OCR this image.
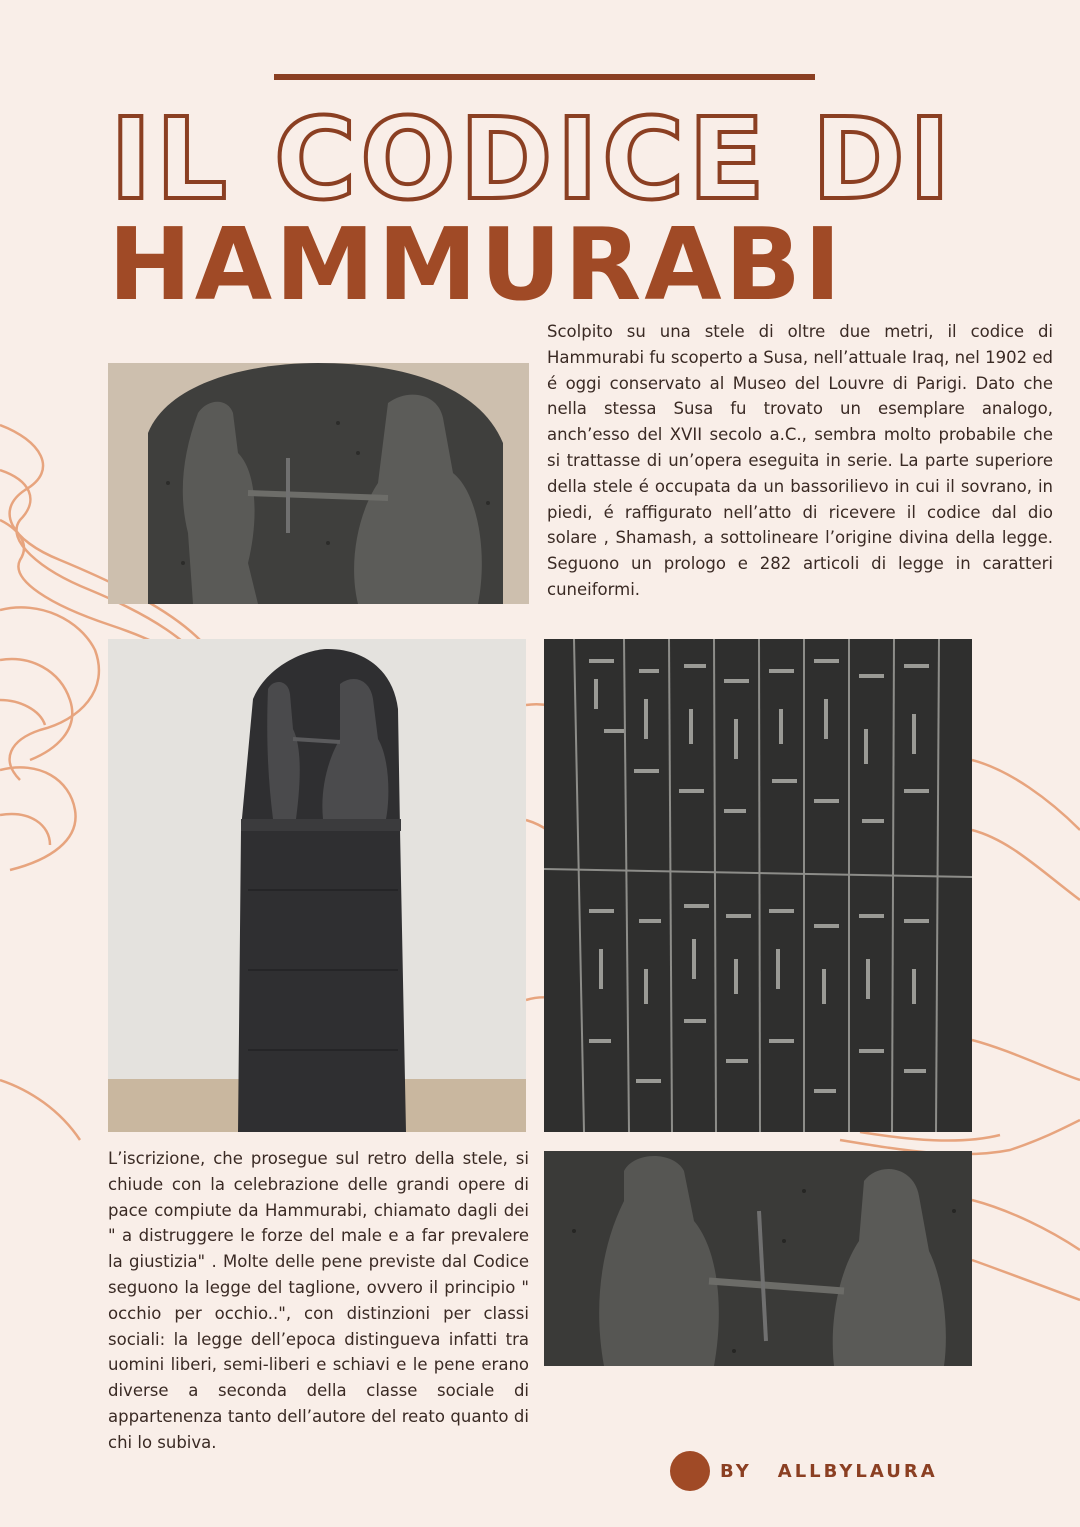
IL CODICE DI
HAMMURABI

Scolpito su una stele di oltre due metri, il codice di Hammurabi fu scoperto a Susa, nell’attuale Iraq, nel 1902 ed é oggi conservato al Museo del Louvre di Parigi. Dato che nella stessa Susa fu trovato un esemplare analogo, anch’esso del XVII secolo a.C., sembra molto probabile che si trattasse di un’opera eseguita in serie. La parte superiore della stele é occupata da un bassorilievo in cui il sovrano, in piedi, é raffigurato nell’atto di ricevere il codice dal dio solare , Shamash, a sottolineare l’origine divina della legge. Seguono un prologo e 282 articoli di legge in caratteri cuneiformi.

L’iscrizione, che prosegue sul retro della stele, si chiude con la celebrazione delle grandi opere di pace compiute da Hammurabi, chiamato dagli dei " a distruggere le forze del male e a far prevalere la giustizia" . Molte delle pene previste dal Codice seguono la legge del taglione, ovvero il principio " occhio per occhio..", con distinzioni per classi sociali: la legge dell’epoca distingueva infatti tra uomini liberi, semi-liberi e schiavi e le pene erano diverse a seconda della classe sociale di appartenenza tanto dell’autore del reato quanto di chi lo subiva.

BY ALLBYLAURA
